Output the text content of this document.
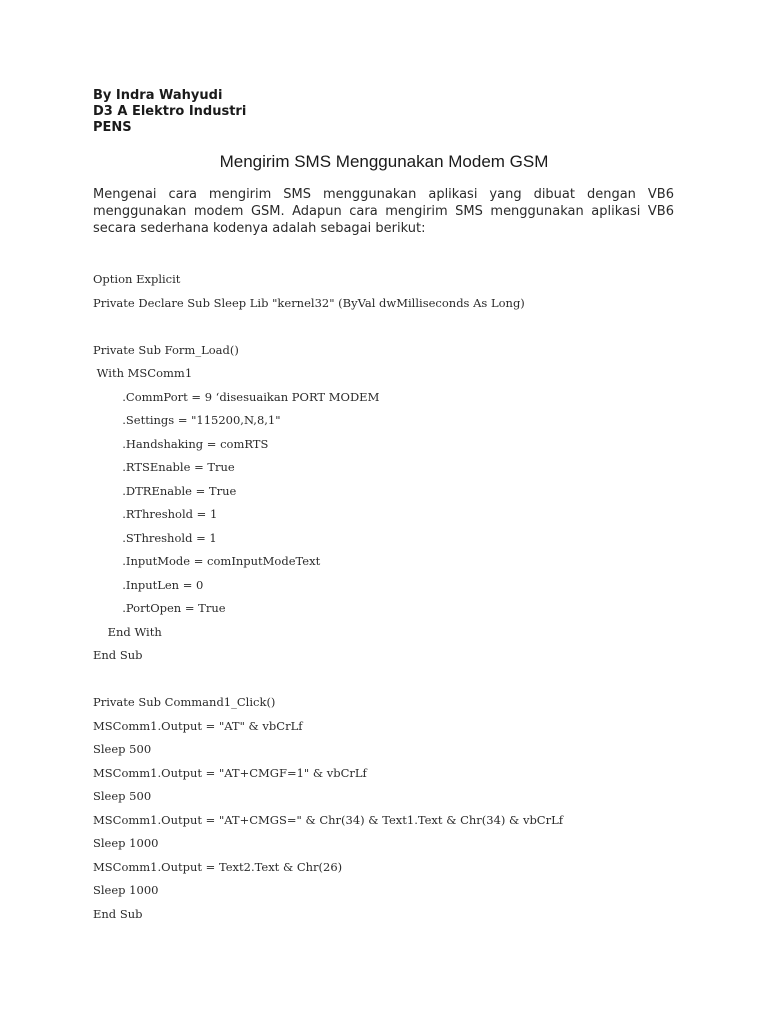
By Indra Wahyudi
D3 A Elektro Industri
PENS
Mengirim SMS Menggunakan Modem GSM
Mengenai cara mengirim SMS menggunakan aplikasi yang dibuat dengan VB6 menggunakan modem GSM. Adapun cara mengirim SMS menggunakan aplikasi VB6 secara sederhana kodenya adalah sebagai berikut:
Option Explicit
Private Declare Sub Sleep Lib "kernel32" (ByVal dwMilliseconds As Long)
Private Sub Form_Load()
With MSComm1
.CommPort = 9 ‘disesuaikan PORT MODEM
.Settings = "115200,N,8,1"
.Handshaking = comRTS
.RTSEnable = True
.DTREnable = True
.RThreshold = 1
.SThreshold = 1
.InputMode = comInputModeText
.InputLen = 0
.PortOpen = True
End With
End Sub
Private Sub Command1_Click()
MSComm1.Output = "AT" & vbCrLf
Sleep 500
MSComm1.Output = "AT+CMGF=1" & vbCrLf
Sleep 500
MSComm1.Output = "AT+CMGS=" & Chr(34) & Text1.Text & Chr(34) & vbCrLf
Sleep 1000
MSComm1.Output = Text2.Text & Chr(26)
Sleep 1000
End Sub
